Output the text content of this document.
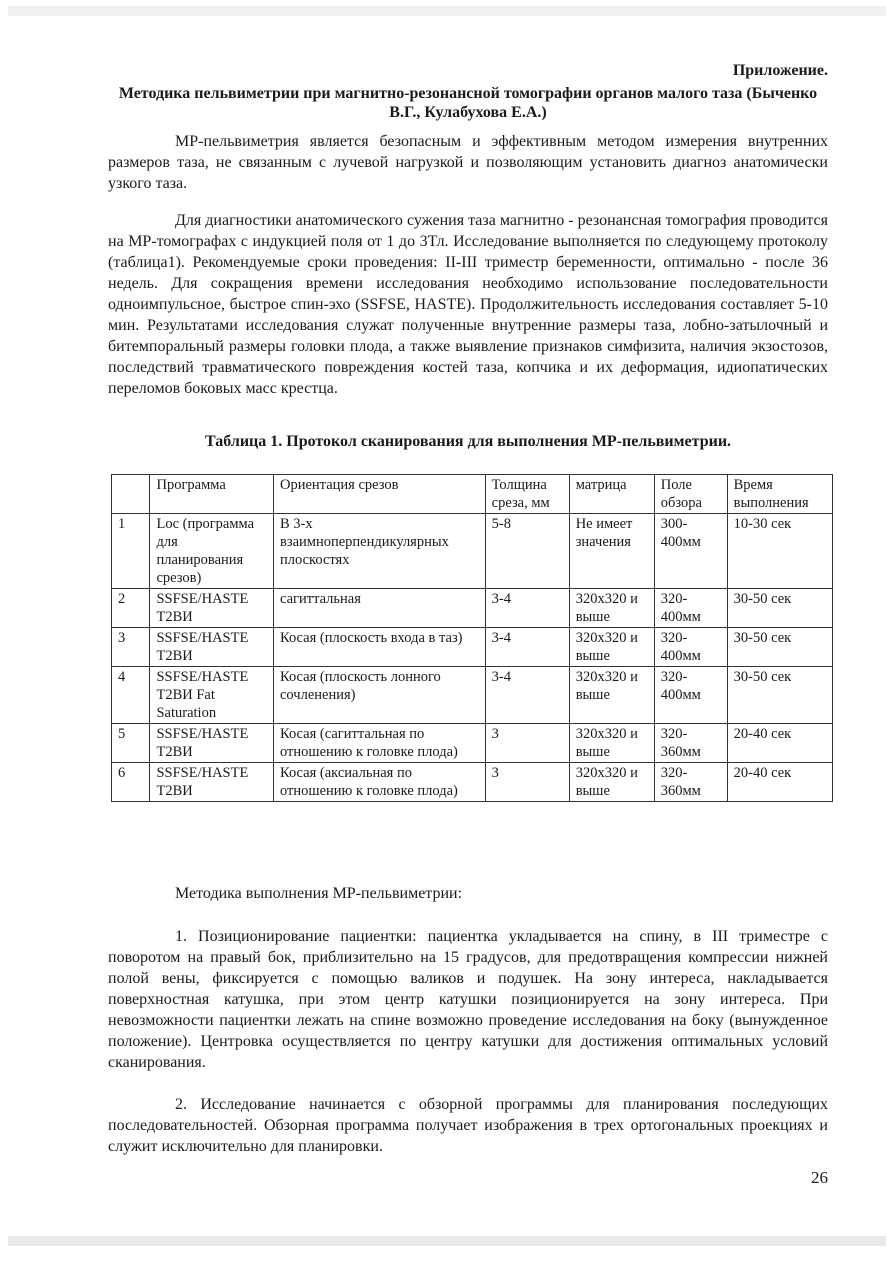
Приложение.
Методика пельвиметрии при магнитно-резонансной томографии органов малого таза (Быченко В.Г., Кулабухова Е.А.)

МР-пельвиметрия является безопасным и эффективным методом измерения внутренних размеров таза, не связанным с лучевой нагрузкой и позволяющим установить диагноз анатомически узкого таза.

Для диагностики анатомического сужения таза магнитно - резонансная томография проводится на МР-томографах с индукцией поля от 1 до 3Тл. Исследование выполняется по следующему протоколу (таблица1). Рекомендуемые сроки проведения: II-III триместр беременности, оптимально - после 36 недель. Для сокращения времени исследования необходимо использование последовательности одноимпульсное, быстрое спин-эхо (SSFSE, HASTE). Продолжительность исследования составляет 5-10 мин. Результатами исследования служат полученные внутренние размеры таза, лобно-затылочный и битемпоральный размеры головки плода, а также выявление признаков симфизита, наличия экзостозов, последствий травматического повреждения костей таза, копчика и их деформация, идиопатических переломов боковых масс крестца.

Таблица 1. Протокол сканирования для выполнения МР-пельвиметрии.
	Программа	Ориентация срезов	Толщина среза, мм	матрица	Поле обзора	Время выполнения
1	Loc (программа для планирования срезов)	В 3-х взаимноперпендикулярных плоскостях	5-8	Не имеет значения	300-400мм	10-30 сек
2	SSFSE/HASTE T2ВИ	сагиттальная	3-4	320x320 и выше	320-400мм	30-50 сек
3	SSFSE/HASTE T2ВИ	Косая (плоскость входа в таз)	3-4	320x320 и выше	320-400мм	30-50 сек
4	SSFSE/HASTE T2ВИ Fat Saturation	Косая (плоскость лонного сочленения)	3-4	320x320 и выше	320-400мм	30-50 сек
5	SSFSE/HASTE T2ВИ	Косая (сагиттальная по отношению к головке плода)	3	320x320 и выше	320-360мм	20-40 сек
6	SSFSE/HASTE T2ВИ	Косая (аксиальная по отношению к головке плода)	3	320x320 и выше	320-360мм	20-40 сек
Методика выполнения МР-пельвиметрии:

1. Позиционирование пациентки: пациентка укладывается на спину, в III триместре с поворотом на правый бок, приблизительно на 15 градусов, для предотвращения компрессии нижней полой вены, фиксируется с помощью валиков и подушек. На зону интереса, накладывается поверхностная катушка, при этом центр катушки позиционируется на зону интереса. При невозможности пациентки лежать на спине возможно проведение исследования на боку (вынужденное положение). Центровка осуществляется по центру катушки для достижения оптимальных условий сканирования.

2. Исследование начинается с обзорной программы для планирования последующих последовательностей. Обзорная программа получает изображения в трех ортогональных проекциях и служит исключительно для планировки.

26
